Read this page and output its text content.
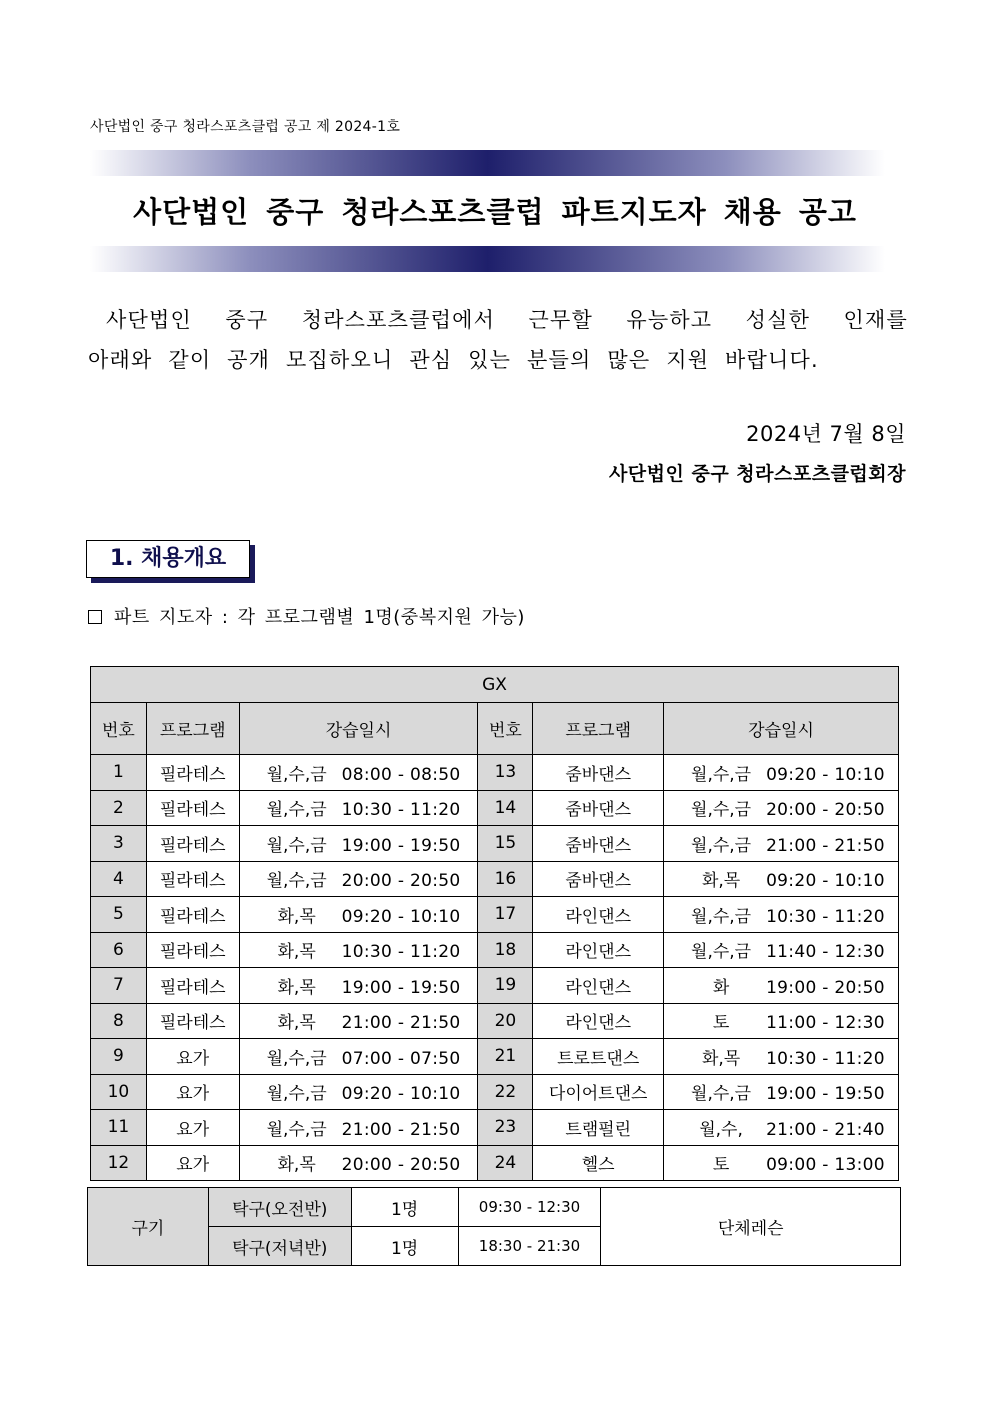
사단법인 중구 청라스포츠클럽 공고 제 2024-1호
사단법인 중구 청라스포츠클럽 파트지도자 채용 공고
사단법인 중구 청라스포츠클럽에서 근무할 유능하고 성실한 인재를
아래와 같이 공개 모집하오니 관심 있는 분들의 많은 지원 바랍니다.
2024년 7월 8일
사단법인 중구 청라스포츠클럽회장
1. 채용개요
파트 지도자 : 각 프로그램별 1명(중복지원 가능)
GX					
번호	프로그램	강습일시	번호	프로그램	강습일시
1	필라테스	월,수,금 08:00 - 08:50	13	줌바댄스	월,수,금 09:20 - 10:10
2	필라테스	월,수,금 10:30 - 11:20	14	줌바댄스	월,수,금 20:00 - 20:50
3	필라테스	월,수,금 19:00 - 19:50	15	줌바댄스	월,수,금 21:00 - 21:50
4	필라테스	월,수,금 20:00 - 20:50	16	줌바댄스	화,목 09:20 - 10:10
5	필라테스	화,목 09:20 - 10:10	17	라인댄스	월,수,금 10:30 - 11:20
6	필라테스	화,목 10:30 - 11:20	18	라인댄스	월,수,금 11:40 - 12:30
7	필라테스	화,목 19:00 - 19:50	19	라인댄스	화 19:00 - 20:50
8	필라테스	화,목 21:00 - 21:50	20	라인댄스	토 11:00 - 12:30
9	요가	월,수,금 07:00 - 07:50	21	트로트댄스	화,목 10:30 - 11:20
10	요가	월,수,금 09:20 - 10:10	22	다이어트댄스	월,수,금 19:00 - 19:50
11	요가	월,수,금 21:00 - 21:50	23	트램펄린	월,수, 21:00 - 21:40
12	요가	화,목 20:00 - 20:50	24	헬스	토 09:00 - 13:00
구기	탁구(오전반)	1명	09:30 - 12:30	단체레슨
	탁구(저녁반)	1명	18:30 - 21:30	
